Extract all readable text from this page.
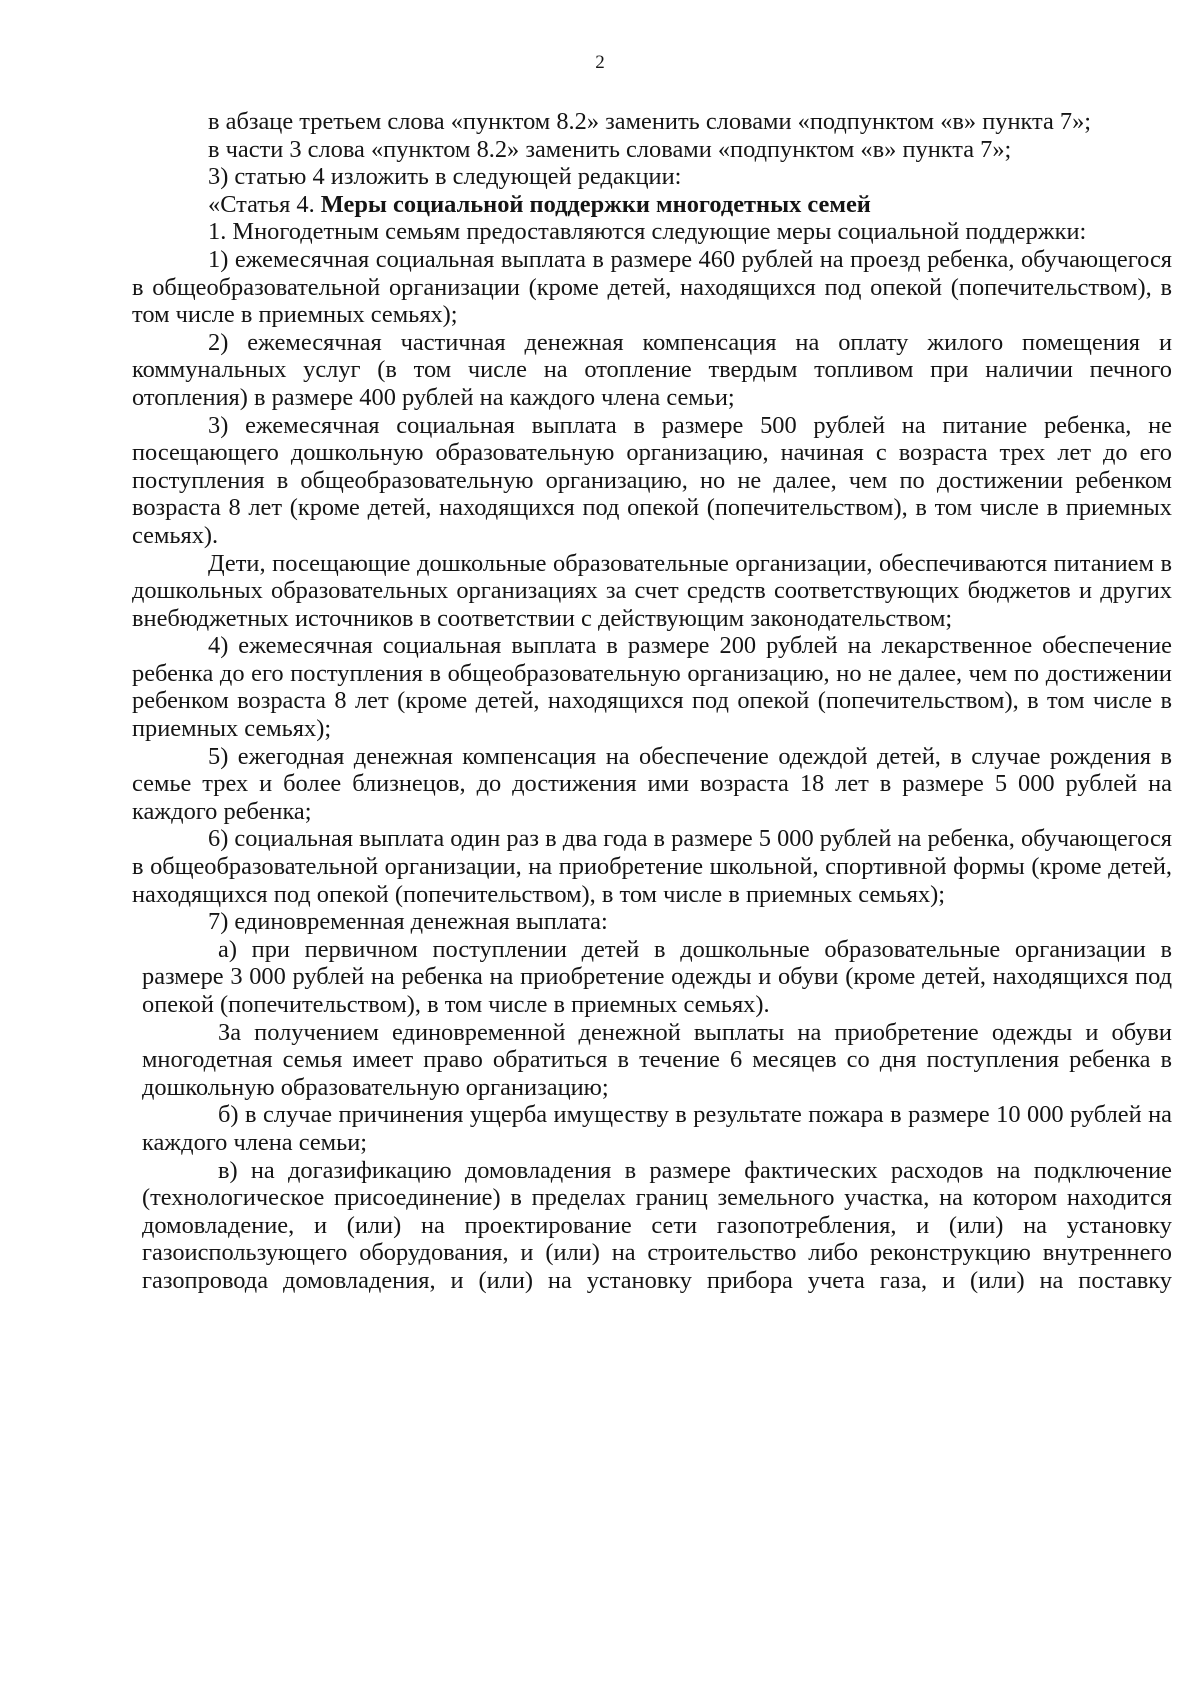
2

в абзаце третьем слова «пунктом 8.2» заменить словами «подпунктом «в» пункта 7»;

в части 3 слова «пунктом 8.2» заменить словами «подпунктом «в» пункта 7»;

3) статью 4 изложить в следующей редакции:

«Статья 4. Меры социальной поддержки многодетных семей

1. Многодетным семьям предоставляются следующие меры социальной поддержки:

1) ежемесячная социальная выплата в размере 460 рублей на проезд ребенка, обучающегося в общеобразовательной организации (кроме детей, находящихся под опекой (попечительством), в том числе в приемных семьях);

2) ежемесячная частичная денежная компенсация на оплату жилого помещения и коммунальных услуг (в том числе на отопление твердым топливом при наличии печного отопления) в размере 400 рублей на каждого члена семьи;

3) ежемесячная социальная выплата в размере 500 рублей на питание ребенка, не посещающего дошкольную образовательную организацию, начиная с возраста трех лет до его поступления в общеобразовательную организацию, но не далее, чем по достижении ребенком возраста 8 лет (кроме детей, находящихся под опекой (попечительством), в том числе в приемных семьях).

Дети, посещающие дошкольные образовательные организации, обеспечиваются питанием в дошкольных образовательных организациях за счет средств соответствующих бюджетов и других внебюджетных источников в соответствии с действующим законодательством;

4) ежемесячная социальная выплата в размере 200 рублей на лекарственное обеспечение ребенка до его поступления в общеобразовательную организацию, но не далее, чем по достижении ребенком возраста 8 лет (кроме детей, находящихся под опекой (попечительством), в том числе в приемных семьях);

5) ежегодная денежная компенсация на обеспечение одеждой детей, в случае рождения в семье трех и более близнецов, до достижения ими возраста 18 лет в размере 5 000 рублей на каждого ребенка;

6) социальная выплата один раз в два года в размере 5 000 рублей на ребенка, обучающегося в общеобразовательной организации, на приобретение школьной, спортивной формы (кроме детей, находящихся под опекой (попечительством), в том числе в приемных семьях);

7) единовременная денежная выплата:

а) при первичном поступлении детей в дошкольные образовательные организации в размере 3 000 рублей на ребенка на приобретение одежды и обуви (кроме детей, находящихся под опекой (попечительством), в том числе в приемных семьях).

За получением единовременной денежной выплаты на приобретение одежды и обуви многодетная семья имеет право обратиться в течение 6 месяцев со дня поступления ребенка в дошкольную образовательную организацию;

б) в случае причинения ущерба имуществу в результате пожара в размере 10 000 рублей на каждого члена семьи;

в) на догазификацию домовладения в размере фактических расходов на подключение (технологическое присоединение) в пределах границ земельного участка, на котором находится домовладение, и (или) на проектирование сети газопотребления, и (или) на установку газоиспользующего оборудования, и (или) на строительство либо реконструкцию внутреннего газопровода домовладения, и (или) на установку прибора учета газа, и (или) на поставку
